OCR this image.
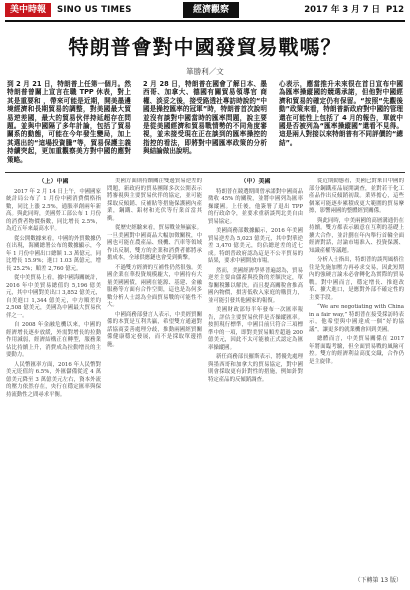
美中時報	SINO US TIMES	經濟觀察	2017 年 3 月 7 日 P12
特朗普會對中國發貿易戰嗎？
箪勝利／文
到 2 月 21 日，特朗普上任第一個月。然特朗普曾關上宣言在職 TPP 休表，對上其是重要和 ，帶來可能是近期，開美墨邊境經濟和長期貿易的調整，對美國最大貿易逆差國，最大的貿易伙伴持延超存在問題。並與中國隔了多年計論，包括了貿易關系的動態，可能在今年發生變局，加上其選出的“這場投資騰”等，貿易保護主義持續突起，更加重觀察美方對中國的應對策略。
2 月 28 日，特朗普在國會了解日本、墨西哥、加拿大、德國有關貿易領導官 商權、淡妥之後，接受路透社專訪時說的“中國是操控匯率的冠軍”時，特朗普首次說明並沒有談對中國當時的匯率問題，說主要是從美國經濟和貿易戰情勢的不同角度審視，並未接受現在正在談到的匯率操控的指控的看法，即將對中國匯率政策的分析與結論做出說明。
心表示，應當推升未來很在首日宣布中國為匯率操縱國的競選承諾，但他對中國經濟和貿易的確定仍有保留。“按照“先觀後動”政策來看，特朗普新政府對中國的管理還在可能性上包括了 4 月的報告，單就中國是否被列為“匯率操縱國”還看不見得。這是兩人對接以來特朗普有不同評價的“總結”。
（上）中國

2017 年 2 月 14 日上午，中國國家統計局公布了 1 月份中國消費價格指數，同比上漲 2.5%，通脹率創兩年新高。與此同時，美國勞工部公布 1 月份的消費者物價指數，同比增長 2.5%，為近五年來最高水平。

從公開數據來看，中國的外貿數據仍在出現，海關總署公布的數據顯示，今年 1 月份中國出口總額 1.3 萬億元，同比增長 15.9%；進口 1.03 萬億元，增長 25.2%；順差 2,760 億元。

從中美貿易上看，據中國海關統計，2016 年中美貿易總值約 5,196 億美元，其中中國對美出口 3,852 億美元，自美進口 1,344 億美元，中方順差約 2,508 億美元，美國為中國最大貿易伙伴之一。

自 2008 年金融危機以來，中國的經濟增長逐步放緩，外需對增長的拉動作用減弱，經濟結構正在轉型，服務業佔比持續上升，消費成為拉動增長的主要動力。

人民幣匯率方面，2016 年人民幣對美元貶值約 6.5%，外匯儲備從近 4 萬億美元降至 3 萬億美元左右，資本外流的壓力依然存在，央行在穩定匯率與保持流動性之間尋求平衡。

美國方面則持續關注雙邊貿易逆差的問題，新政府的貿易團隊多次公開表示將審視與主要貿易伙伴的協定，並可能採取反傾銷、反補貼等措施保護國內產業，鋼鐵、鋁材和光伏等行業首當其衝。

從歷史經驗來看，貿易戰並無贏家。一旦美國對中國商品大幅加徵關稅，中國也可能在農產品、飛機、汽車等領域作出反制，雙方的企業和消費者都將承擔成本，全球供應鏈也會受到衝擊。

不過雙方經濟的互補性仍然很強。美國企業在華投資規模龐大，中國持有大量美國國債，兩國在能源、基建、金融服務等方面有合作空間，這也是為何多數分析人士認為全面貿易戰的可能性不大。

中國商務部發言人表示，中美經貿關係的本質是互利共贏，希望雙方通過對話協商妥善處理分歧，推動兩國經貿關係健康穩定發展，而不是採取單邊措施。

（中）美國

特朗普在競選期間曾承諾對中國商品徵收 45% 的關稅，並將中國列為匯率操縱國。上任後，他簽署了退出 TPP 的行政命令，並要求重新談判北美自由貿易協定。

美國商務部數據顯示，2016 年美國貿易逆差為 5,023 億美元，其中對華逆差 3,470 億美元，約佔總逆差的近七成。特朗普政府認為這是不公平貿易的結果，要求中國開放市場。

然而，美國經濟學界普遍認為，貿易逆差主要由儲蓄與投資的差額決定，單靠關稅難以解決。而且提高關稅會推高國內物價，損害低收入家庭的購買力，並可能引發其他國家的報復。

美國財政部每半年發布一次匯率報告，評估主要貿易伙伴是否操縱匯率。按照現行標準，中國目前只符合三項標準中的一項，即對美貿易順差超過 200 億美元，因此不太可能被正式認定為匯率操縱國。

新任商務部長羅斯表示，將優先處理與墨西哥和加拿大的貿易協定，對中國則會採取更有針對性的措施，例如針對特定產品的反傾銷調查。

從近期動態看，美國已對來自中國的部分鋼鐵產品展開調查，並對若干化工產品作出反傾銷初裁。業界擔心，這些個案可能逐步累積成更大範圍的貿易摩擦，影響兩國的整體經貿關係。

與此同時，中美兩國的高層溝通仍在持續。雙方都表示願意在互利的基礎上擴大合作，並計劃在年內舉行首輪全面經濟對話，討論市場准入、投資保護、知識產權等議題。

分析人士指出，特朗普的談判風格往往是先施加壓力再尋求交易，因此短期內的強硬言論未必會轉化為實際的貿易戰。對中國而言，穩定增長、推進改革、擴大進口，是應對外部不確定性的主要手段。

“We are negotiating with China in a fair way,” 特朗普在接受採訪時表示，他希望與中國達成一個“好的協議”，讓更多的就業機會回到美國。

總體而言，中美貿易關係在 2017 年將面臨考驗，但全面貿易戰的風險可控。雙方的經濟利益高度交織，合作仍是主旋律。

（下轉第 13 版）
